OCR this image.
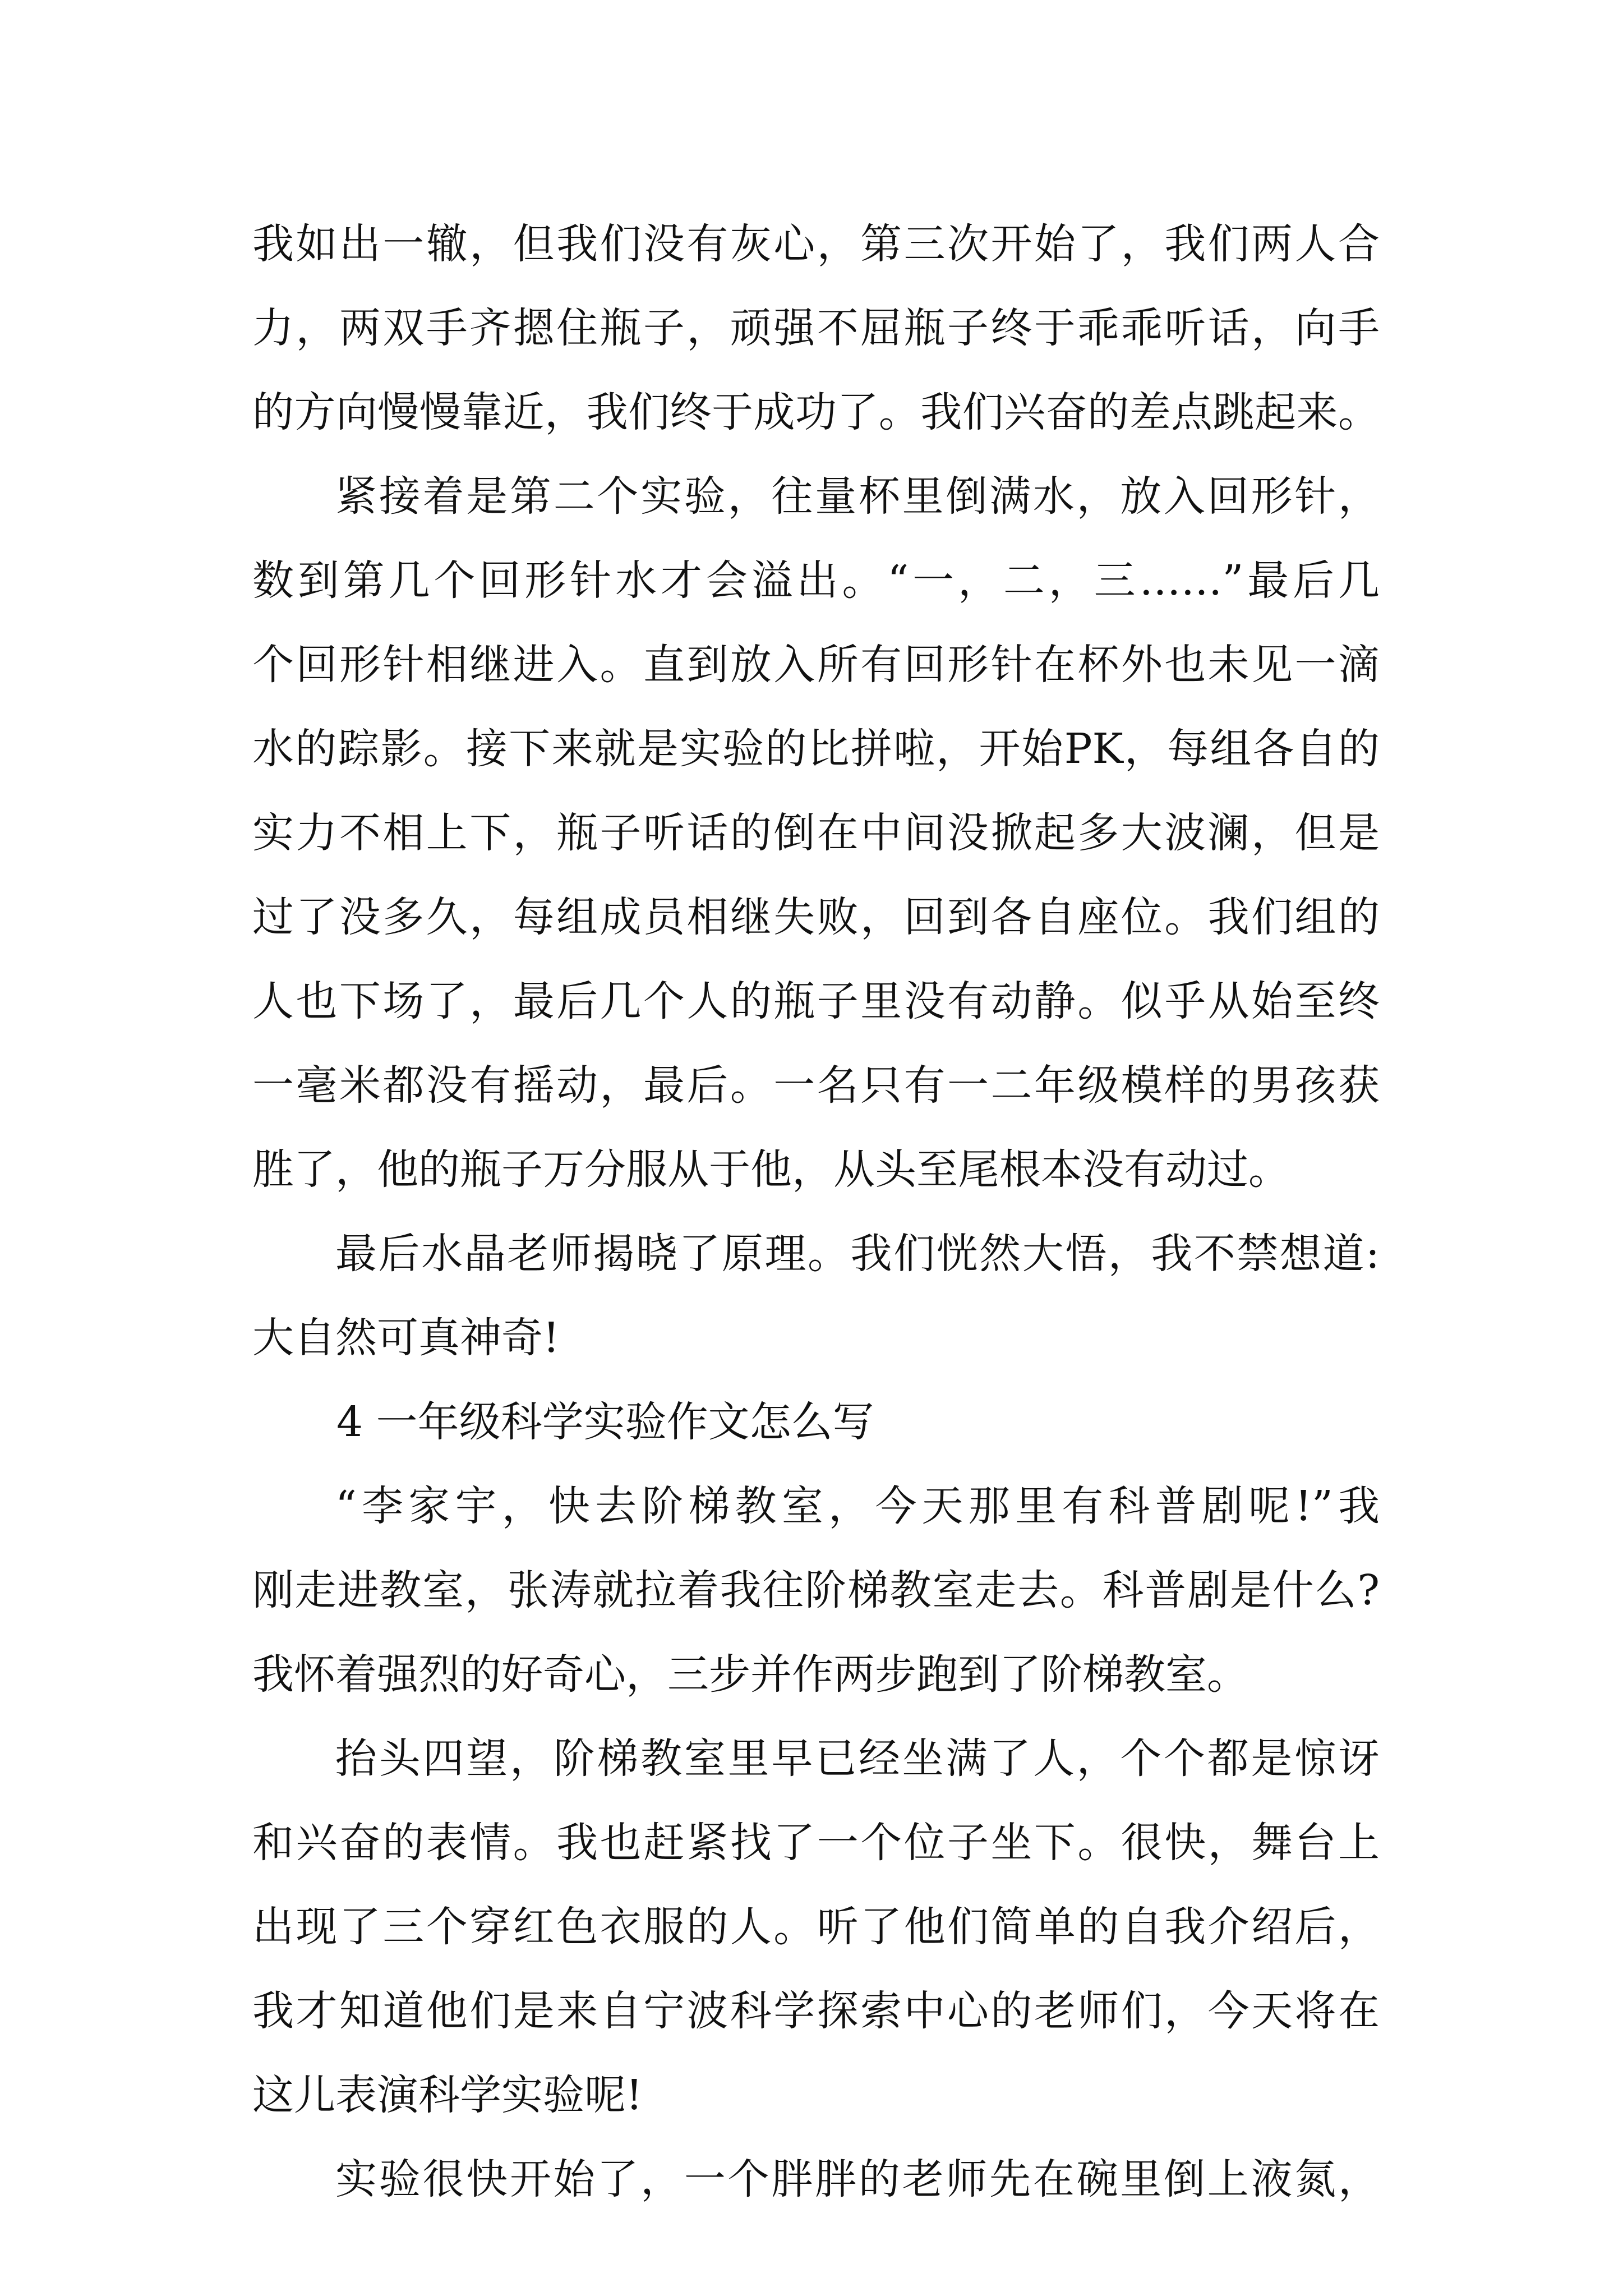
我如出一辙，但我们没有灰心，第三次开始了，我们两人合
力，两双手齐摁住瓶子，顽强不屈瓶子终于乖乖听话，向手
的方向慢慢靠近，我们终于成功了。我们兴奋的差点跳起来。
紧接着是第二个实验，往量杯里倒满水，放入回形针，
数到第几个回形针水才会溢出。“一，二，三……”最后几
个回形针相继进入。直到放入所有回形针在杯外也未见一滴
水的踪影。接下来就是实验的比拼啦，开始PK，每组各自的
实力不相上下，瓶子听话的倒在中间没掀起多大波澜，但是
过了没多久，每组成员相继失败，回到各自座位。我们组的
人也下场了，最后几个人的瓶子里没有动静。似乎从始至终
一毫米都没有摇动，最后。一名只有一二年级模样的男孩获
胜了，他的瓶子万分服从于他，从头至尾根本没有动过。
最后水晶老师揭晓了原理。我们恍然大悟，我不禁想道:
大自然可真神奇!
4 一年级科学实验作文怎么写
“李家宇，快去阶梯教室，今天那里有科普剧呢!”我
刚走进教室，张涛就拉着我往阶梯教室走去。科普剧是什么?
我怀着强烈的好奇心，三步并作两步跑到了阶梯教室。
抬头四望，阶梯教室里早已经坐满了人，个个都是惊讶
和兴奋的表情。我也赶紧找了一个位子坐下。很快，舞台上
出现了三个穿红色衣服的人。听了他们简单的自我介绍后，
我才知道他们是来自宁波科学探索中心的老师们，今天将在
这儿表演科学实验呢!
实验很快开始了，一个胖胖的老师先在碗里倒上液氮，
